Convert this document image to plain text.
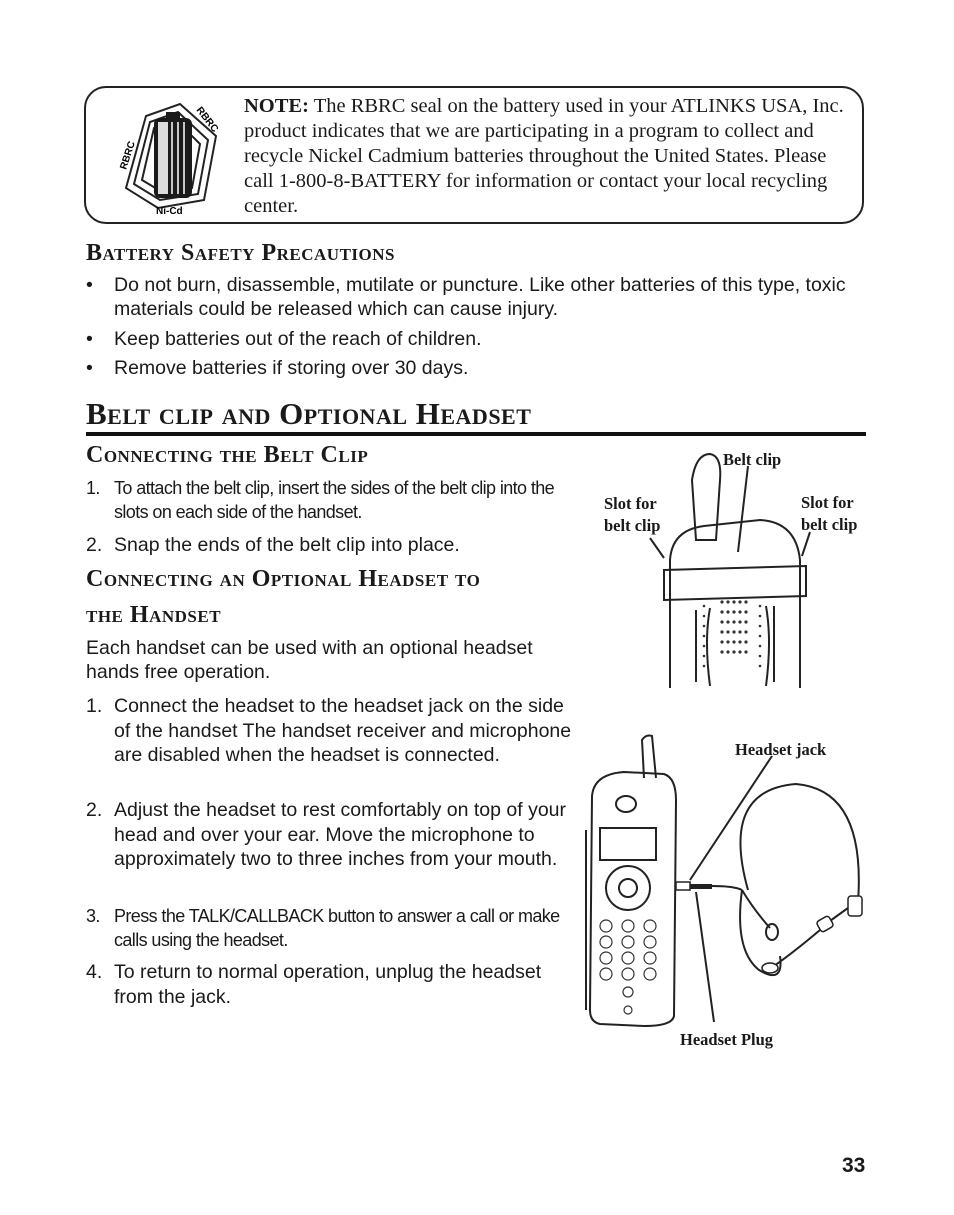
RBRC
RBRC
Ni-Cd
NOTE: The RBRC seal on the battery used in your ATLINKS USA, Inc. product indicates that we are participating in a program to collect and recycle Nickel Cadmium batteries throughout the United States. Please call 1-800-8-BATTERY for information or contact your local recycling center.
Battery Safety Precautions
• Do not burn, disassemble, mutilate or puncture. Like other batteries of this type, toxic materials could be released which can cause injury.
• Keep batteries out of the reach of children.
• Remove batteries if storing over 30 days.
Belt clip and Optional Headset
Connecting the Belt Clip
1. To attach the belt clip, insert the sides of the belt clip into the slots on each side of the handset.
2. Snap the ends of the belt clip into place.
Connecting an Optional Headset to
the Handset
Each handset can be used with an optional headset hands free operation.
1. Connect the headset to the headset jack on the side of the handset The handset receiver and microphone are disabled when the headset is connected.
2. Adjust the headset to rest comfortably on top of your head and over your ear. Move the microphone to approximately two to three inches from your mouth.
3. Press the TALK/CALLBACK button to answer a call or make calls using the headset.
4. To return to normal operation, unplug the headset from the jack.
Belt clip
Slot for
belt clip
Slot for
belt clip
Headset jack
Headset Plug
33
